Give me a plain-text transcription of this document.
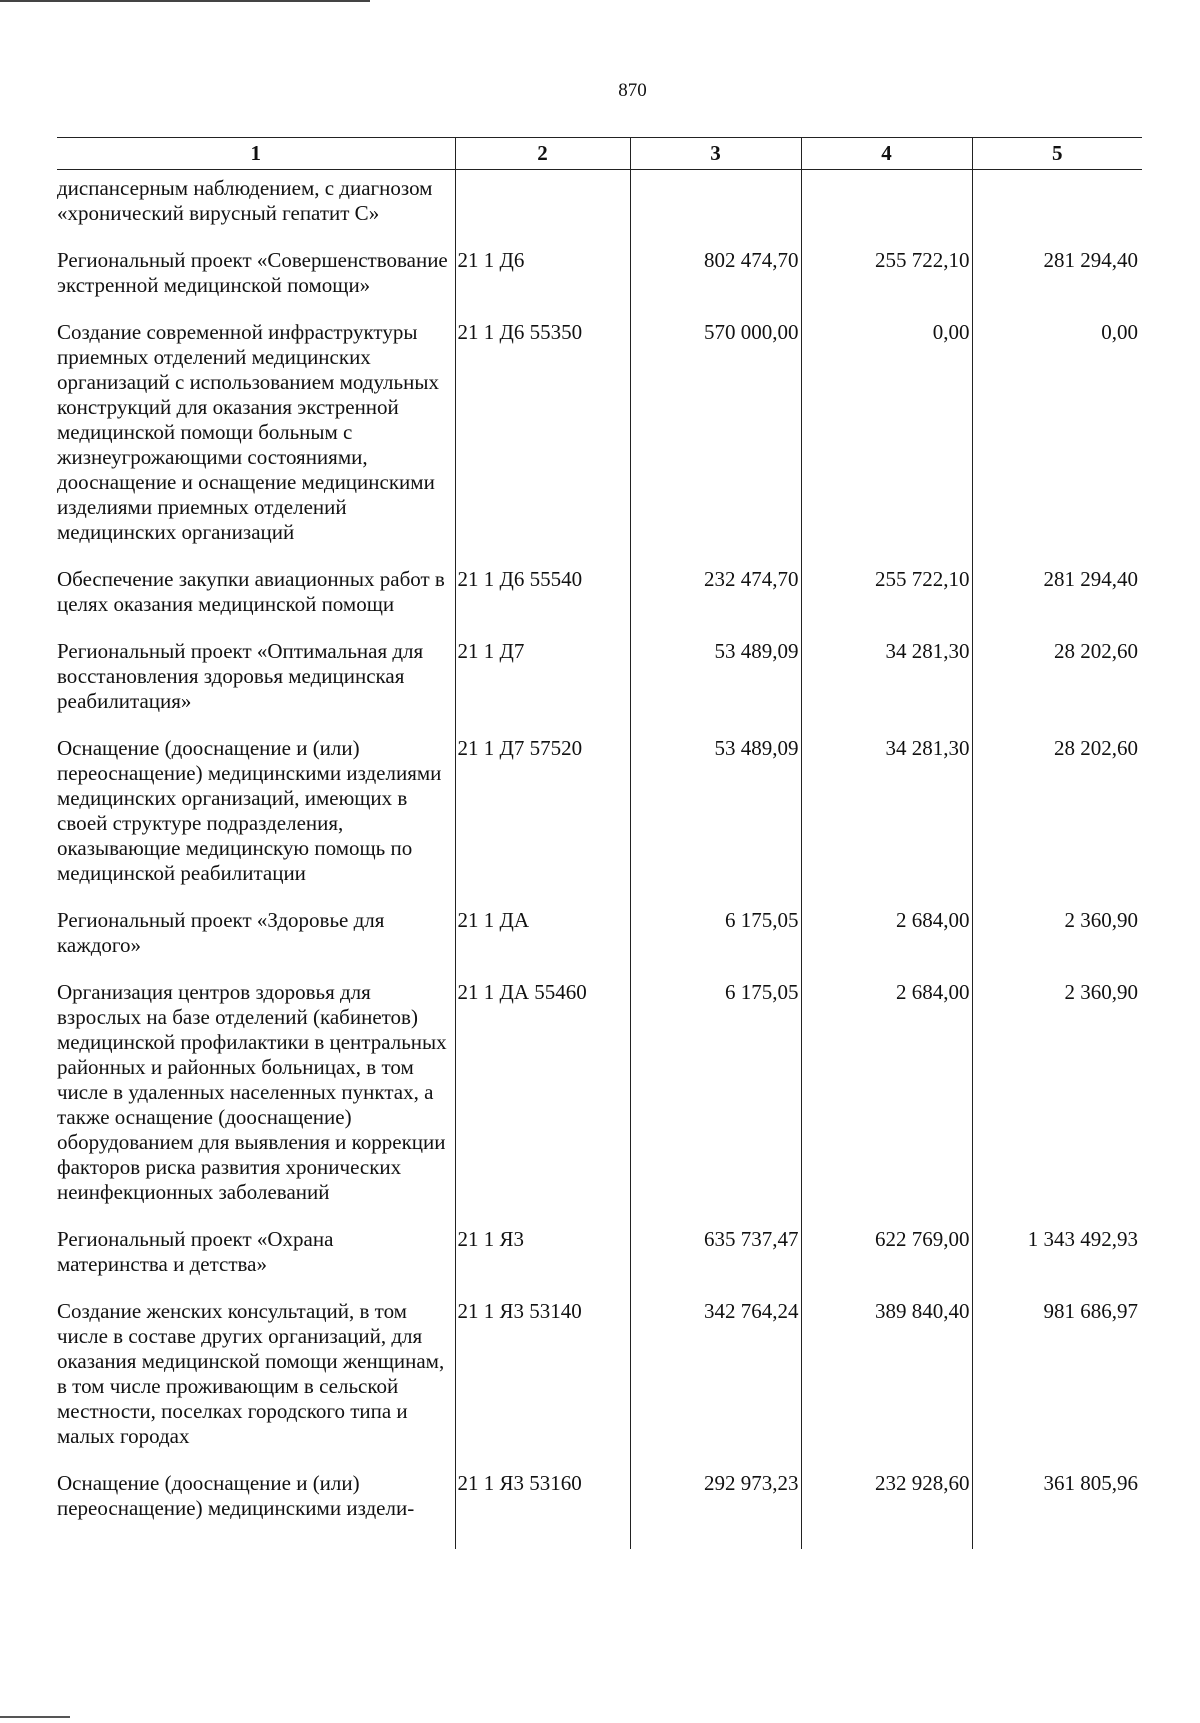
870
1	2	3	4	5
диспансерным наблюдением, с диагнозом «хронический вирусный гепатит С»				
Региональный проект «Совершенствование экстренной медицинской помощи»	21 1 Д6	802 474,70	255 722,10	281 294,40
Создание современной инфраструктуры приемных отделений медицинских организаций с использованием модульных конструкций для оказания экстренной медицинской помощи больным с жизнеугрожающими состояниями, дооснащение и оснащение медицинскими изделиями приемных отделений медицинских организаций	21 1 Д6 55350	570 000,00	0,00	0,00
Обеспечение закупки авиационных работ в целях оказания медицинской помощи	21 1 Д6 55540	232 474,70	255 722,10	281 294,40
Региональный проект «Оптимальная для восстановления здоровья медицинская реабилитация»	21 1 Д7	53 489,09	34 281,30	28 202,60
Оснащение (дооснащение и (или) переоснащение) медицинскими изделиями медицинских организаций, имеющих в своей структуре подразделения, оказывающие медицинскую помощь по медицинской реабилитации	21 1 Д7 57520	53 489,09	34 281,30	28 202,60
Региональный проект «Здоровье для каждого»	21 1 ДА	6 175,05	2 684,00	2 360,90
Организация центров здоровья для взрослых на базе отделений (кабинетов) медицинской профилактики в центральных районных и районных больницах, в том числе в удаленных населенных пунктах, а также оснащение (дооснащение) оборудованием для выявления и коррекции факторов риска развития хронических неинфекционных заболеваний	21 1 ДА 55460	6 175,05	2 684,00	2 360,90
Региональный проект «Охрана материнства и детства»	21 1 Я3	635 737,47	622 769,00	1 343 492,93
Создание женских консультаций, в том числе в составе других организаций, для оказания медицинской помощи женщинам, в том числе проживающим в сельской местности, поселках городского типа и малых городах	21 1 Я3 53140	342 764,24	389 840,40	981 686,97
Оснащение (дооснащение и (или) переоснащение) медицинскими издели-	21 1 Я3 53160	292 973,23	232 928,60	361 805,96
